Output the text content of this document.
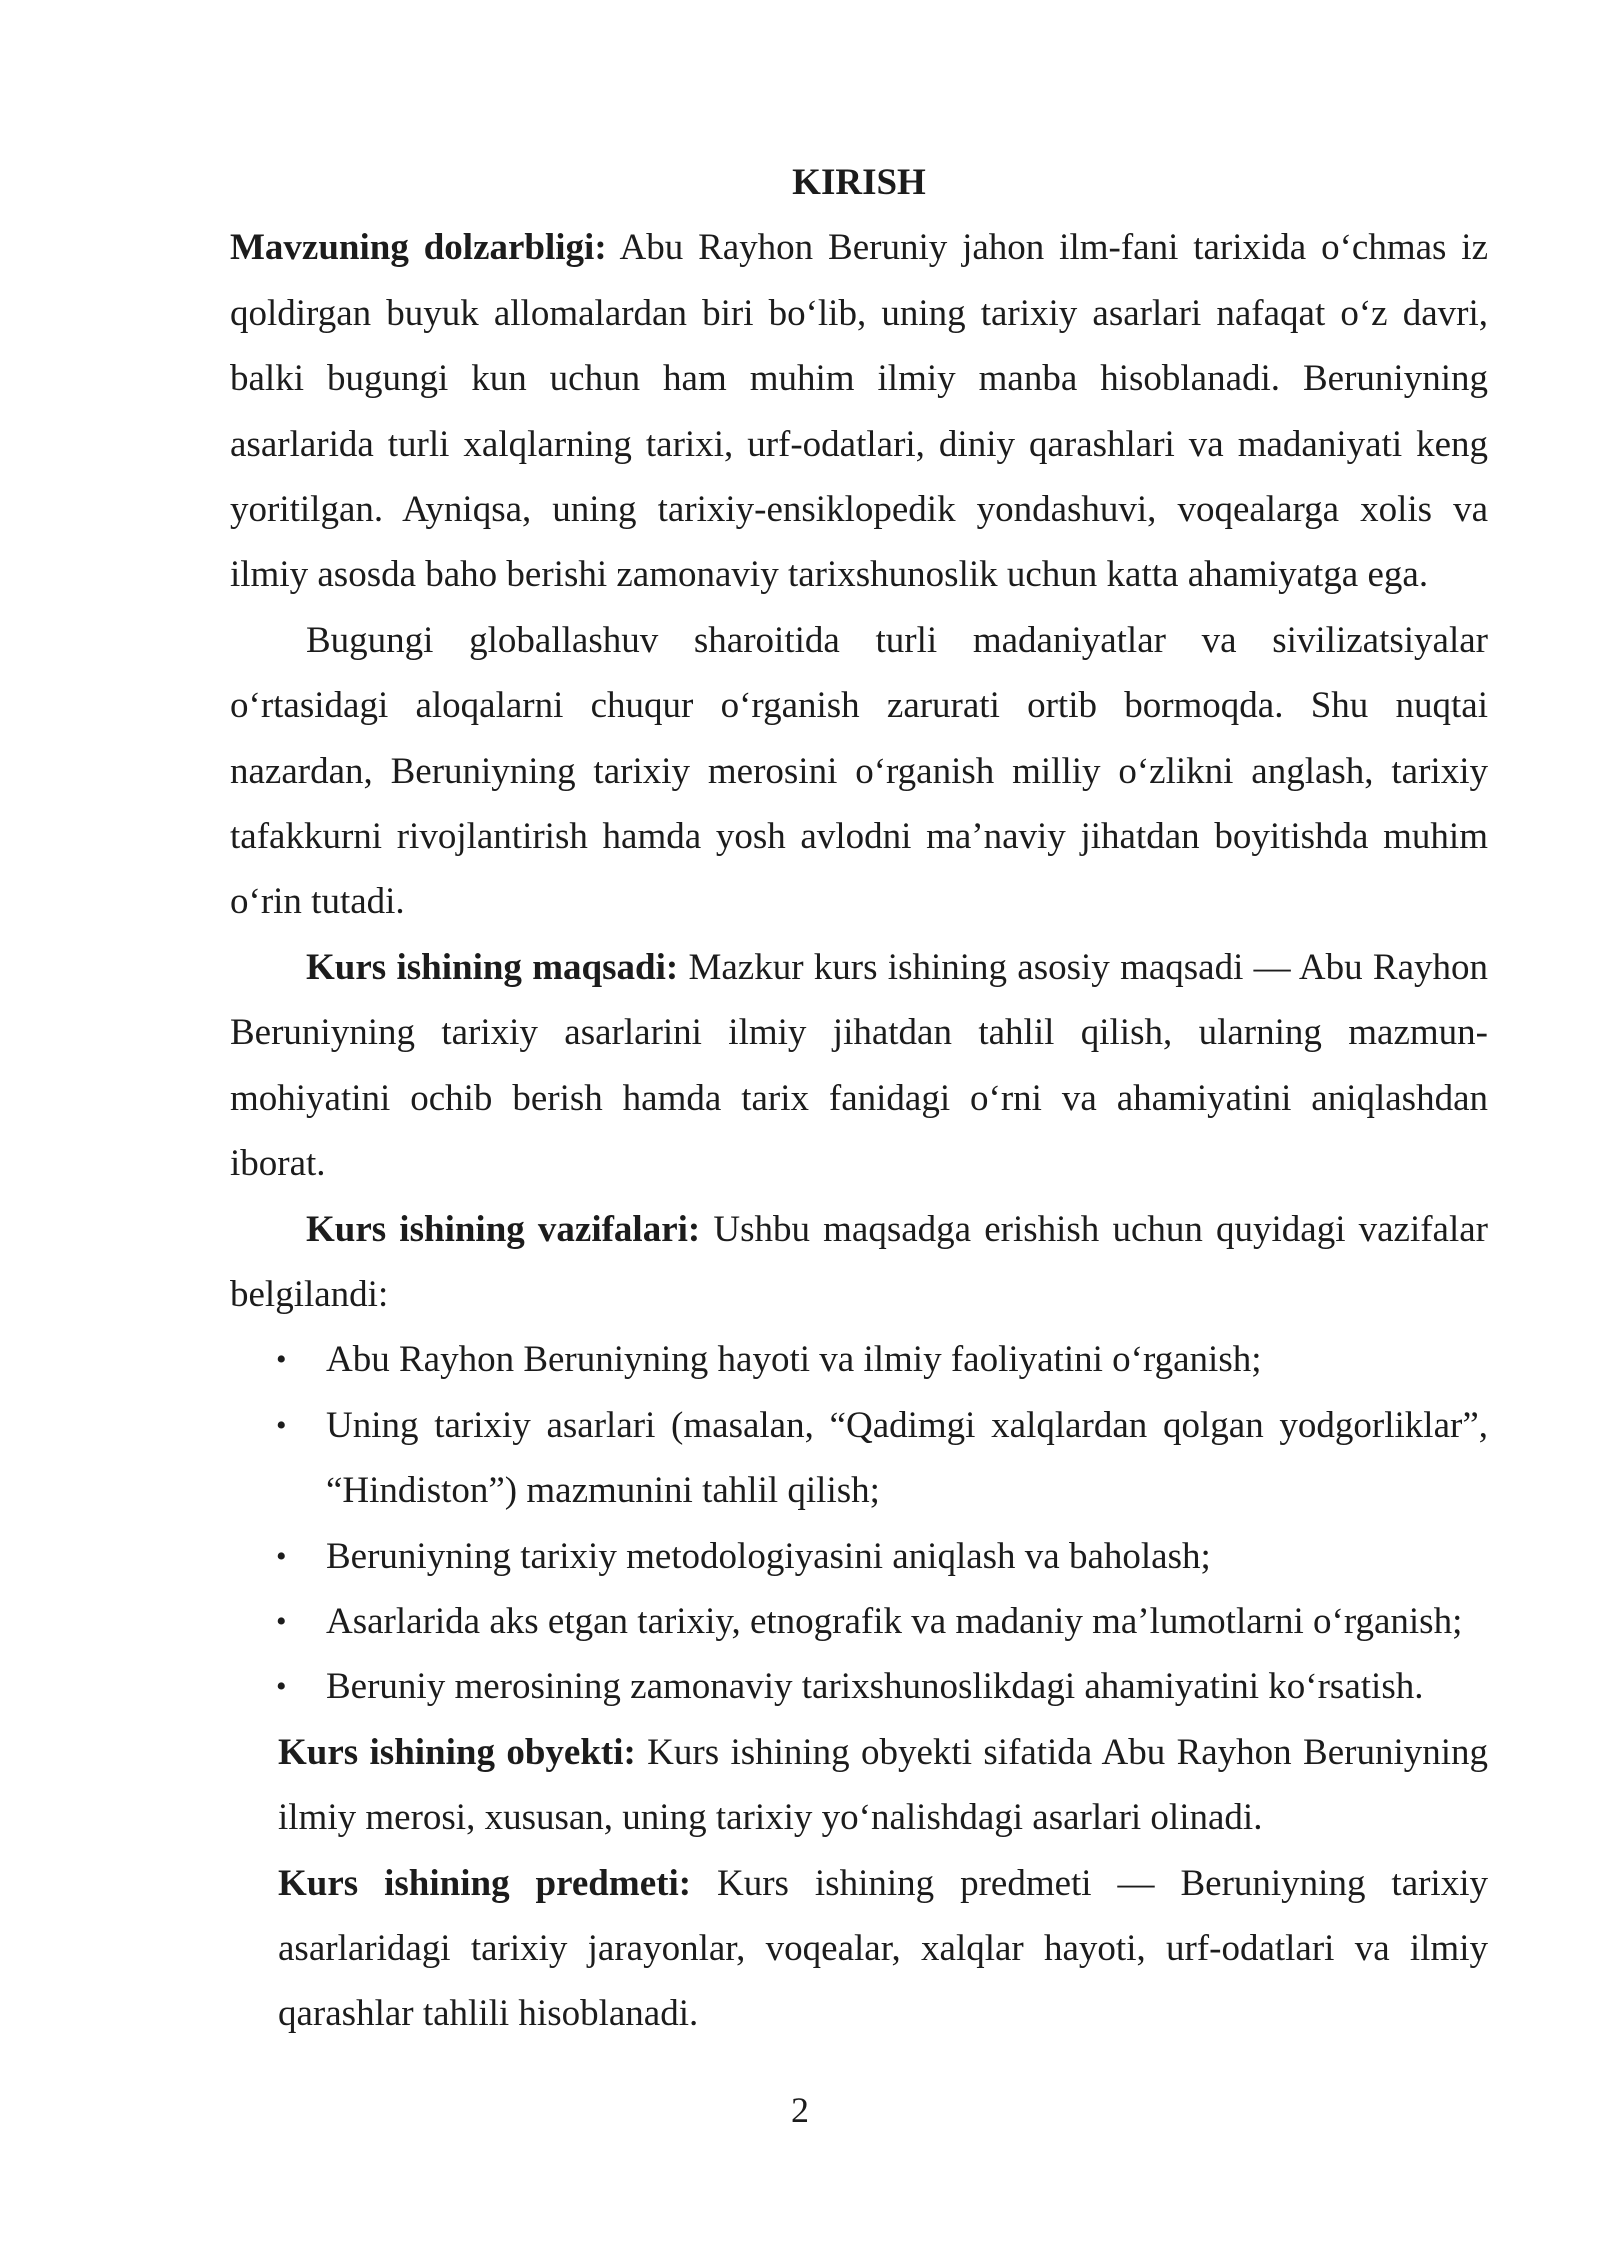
KIRISH

Mavzuning dolzarbligi: Abu Rayhon Beruniy jahon ilm-fani tarixida o‘chmas iz qoldirgan buyuk allomalardan biri bo‘lib, uning tarixiy asarlari nafaqat o‘z davri, balki bugungi kun uchun ham muhim ilmiy manba hisoblanadi. Beruniyning asarlarida turli xalqlarning tarixi, urf-odatlari, diniy qarashlari va madaniyati keng yoritilgan. Ayniqsa, uning tarixiy-ensiklopedik yondashuvi, voqealarga xolis va ilmiy asosda baho berishi zamonaviy tarixshunoslik uchun katta ahamiyatga ega.

Bugungi globallashuv sharoitida turli madaniyatlar va sivilizatsiyalar o‘rtasidagi aloqalarni chuqur o‘rganish zarurati ortib bormoqda. Shu nuqtai nazardan, Beruniyning tarixiy merosini o‘rganish milliy o‘zlikni anglash, tarixiy tafakkurni rivojlantirish hamda yosh avlodni ma’naviy jihatdan boyitishda muhim o‘rin tutadi.

Kurs ishining maqsadi: Mazkur kurs ishining asosiy maqsadi — Abu Rayhon Beruniyning tarixiy asarlarini ilmiy jihatdan tahlil qilish, ularning mazmun-mohiyatini ochib berish hamda tarix fanidagi o‘rni va ahamiyatini aniqlashdan iborat.

Kurs ishining vazifalari: Ushbu maqsadga erishish uchun quyidagi vazifalar belgilandi:

• Abu Rayhon Beruniyning hayoti va ilmiy faoliyatini o‘rganish;
• Uning tarixiy asarlari (masalan, “Qadimgi xalqlardan qolgan yodgorliklar”, “Hindiston”) mazmunini tahlil qilish;
• Beruniyning tarixiy metodologiyasini aniqlash va baholash;
• Asarlarida aks etgan tarixiy, etnografik va madaniy ma’lumotlarni o‘rganish;
• Beruniy merosining zamonaviy tarixshunoslikdagi ahamiyatini ko‘rsatish.

Kurs ishining obyekti: Kurs ishining obyekti sifatida Abu Rayhon Beruniyning ilmiy merosi, xususan, uning tarixiy yo‘nalishdagi asarlari olinadi.

Kurs ishining predmeti: Kurs ishining predmeti — Beruniyning tarixiy asarlaridagi tarixiy jarayonlar, voqealar, xalqlar hayoti, urf-odatlari va ilmiy qarashlar tahlili hisoblanadi.

2
